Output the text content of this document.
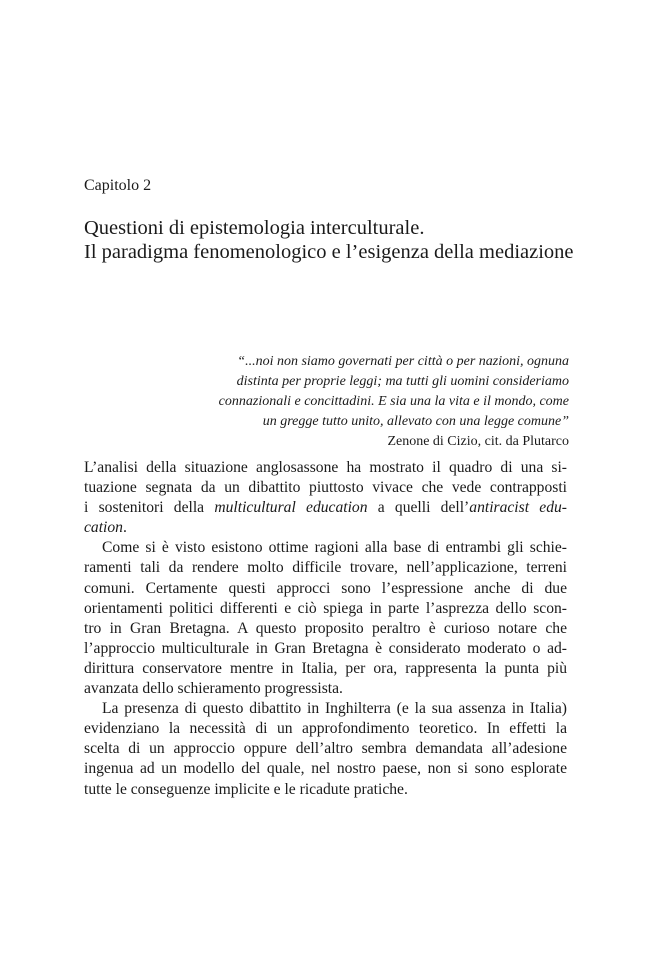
Capitolo 2
Questioni di epistemologia interculturale.
Il paradigma fenomenologico e l’esigenza della mediazione
“...noi non siamo governati per città o per nazioni, ognuna
distinta per proprie leggi; ma tutti gli uomini consideriamo
connazionali e concittadini. E sia una la vita e il mondo, come
un gregge tutto unito, allevato con una legge comune”
Zenone di Cizio, cit. da Plutarco
L’analisi della situazione anglosassone ha mostrato il quadro di una si-
tuazione segnata da un dibattito piuttosto vivace che vede contrapposti
i sostenitori della multicultural education a quelli dell’antiracist edu-
cation.
Come si è visto esistono ottime ragioni alla base di entrambi gli schie-
ramenti tali da rendere molto difficile trovare, nell’applicazione, terreni
comuni. Certamente questi approcci sono l’espressione anche di due
orientamenti politici differenti e ciò spiega in parte l’asprezza dello scon-
tro in Gran Bretagna. A questo proposito peraltro è curioso notare che
l’approccio multiculturale in Gran Bretagna è considerato moderato o ad-
dirittura conservatore mentre in Italia, per ora, rappresenta la punta più
avanzata dello schieramento progressista.
La presenza di questo dibattito in Inghilterra (e la sua assenza in Italia)
evidenziano la necessità di un approfondimento teoretico. In effetti la
scelta di un approccio oppure dell’altro sembra demandata all’adesione
ingenua ad un modello del quale, nel nostro paese, non si sono esplorate
tutte le conseguenze implicite e le ricadute pratiche.
